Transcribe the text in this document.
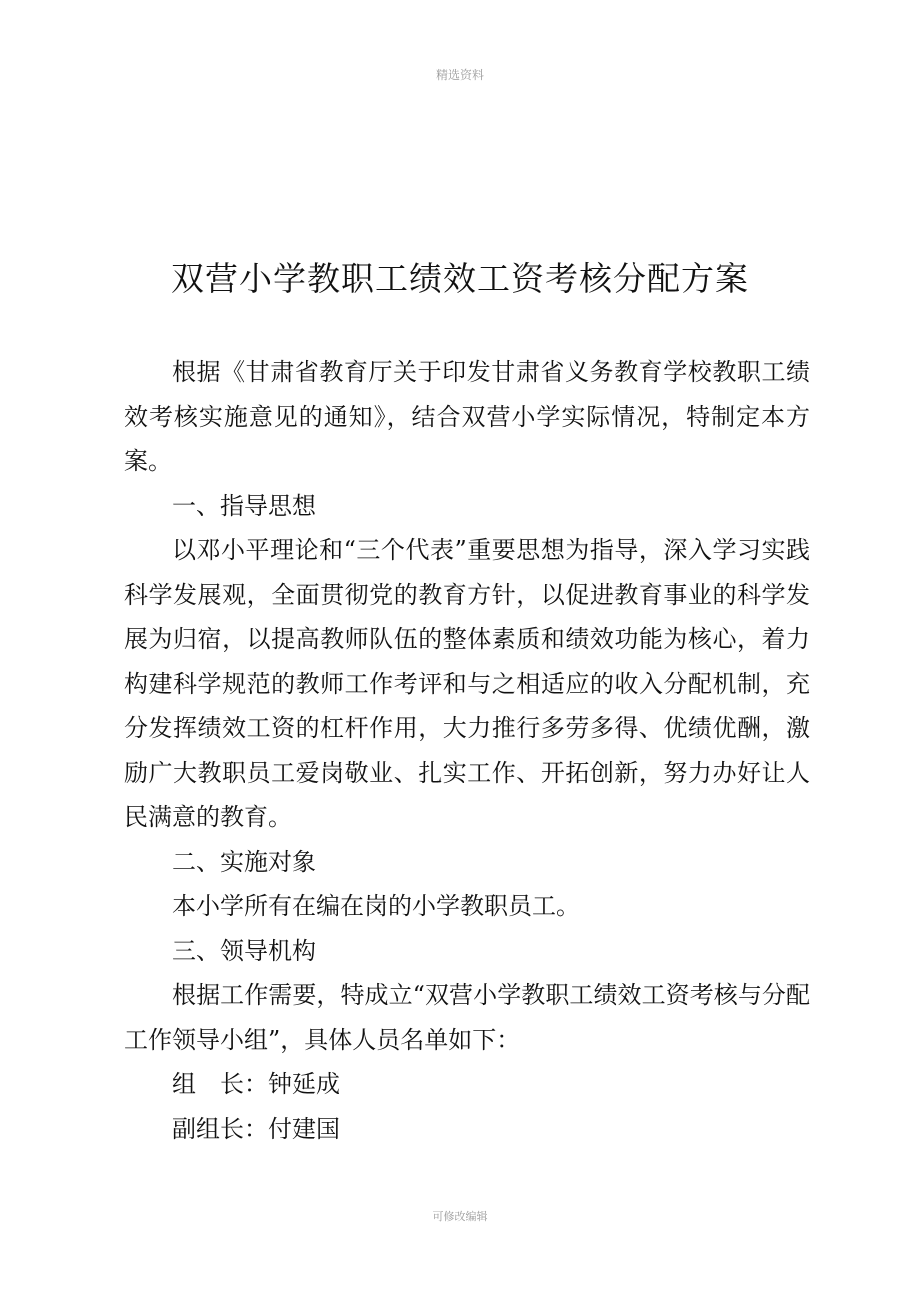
精选资料
双营小学教职工绩效工资考核分配方案

根据《甘肃省教育厅关于印发甘肃省义务教育学校教职工绩效考核实施意见的通知》，结合双营小学实际情况，特制定本方案。

一、指导思想

以邓小平理论和“三个代表”重要思想为指导，深入学习实践科学发展观，全面贯彻党的教育方针，以促进教育事业的科学发展为归宿，以提高教师队伍的整体素质和绩效功能为核心，着力构建科学规范的教师工作考评和与之相适应的收入分配机制，充分发挥绩效工资的杠杆作用，大力推行多劳多得、优绩优酬，激励广大教职员工爱岗敬业、扎实工作、开拓创新，努力办好让人民满意的教育。

二、实施对象

本小学所有在编在岗的小学教职员工。

三、领导机构

根据工作需要，特成立“双营小学教职工绩效工资考核与分配工作领导小组”，具体人员名单如下：

组　长：钟延成

副组长：付建国

可修改编辑
